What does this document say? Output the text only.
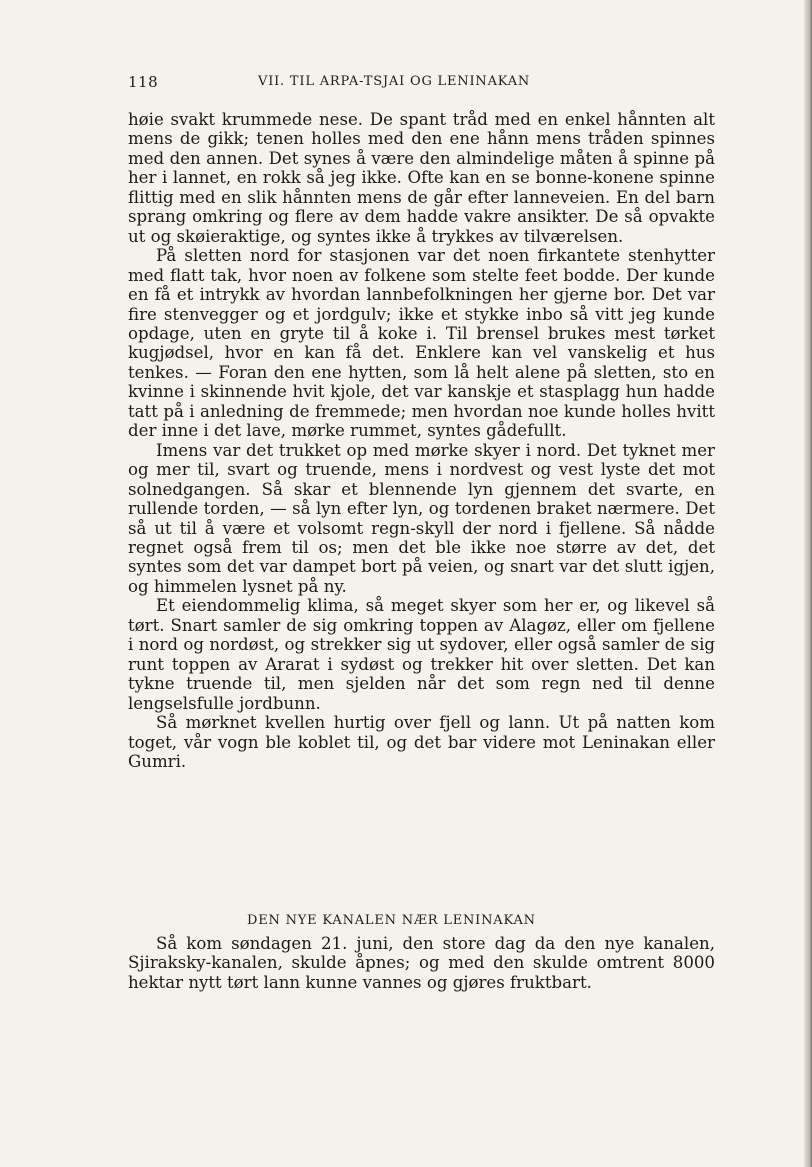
118	VII. TIL ARPA-TSJAI OG LENINAKAN

høie svakt krummede nese. De spant tråd med en enkel hånnten alt mens de gikk; tenen holles med den ene hånn mens tråden spinnes med den annen. Det synes å være den almindelige måten å spinne på her i lannet, en rokk så jeg ikke. Ofte kan en se bonne-konene spinne flittig med en slik hånnten mens de går efter lanneveien. En del barn sprang omkring og flere av dem hadde vakre ansikter. De så opvakte ut og skøieraktige, og syntes ikke å trykkes av tilværelsen.

På sletten nord for stasjonen var det noen firkantete stenhytter med flatt tak, hvor noen av folkene som stelte feet bodde. Der kunde en få et intrykk av hvordan lannbefolkningen her gjerne bor. Det var fire stenvegger og et jordgulv; ikke et stykke inbo så vitt jeg kunde opdage, uten en gryte til å koke i. Til brensel brukes mest tørket kugjødsel, hvor en kan få det. Enklere kan vel vanskelig et hus tenkes. — Foran den ene hytten, som lå helt alene på sletten, sto en kvinne i skinnende hvit kjole, det var kanskje et stasplagg hun hadde tatt på i anledning de fremmede; men hvordan noe kunde holles hvitt der inne i det lave, mørke rummet, syntes gådefullt.

Imens var det trukket op med mørke skyer i nord. Det tyknet mer og mer til, svart og truende, mens i nordvest og vest lyste det mot solnedgangen. Så skar et blennende lyn gjennem det svarte, en rullende torden, — så lyn efter lyn, og tordenen braket nærmere. Det så ut til å være et volsomt regn-skyll der nord i fjellene. Så nådde regnet også frem til os; men det ble ikke noe større av det, det syntes som det var dampet bort på veien, og snart var det slutt igjen, og himmelen lysnet på ny.

Et eiendommelig klima, så meget skyer som her er, og likevel så tørt. Snart samler de sig omkring toppen av Alagøz, eller om fjellene i nord og nordøst, og strekker sig ut sydover, eller også samler de sig runt toppen av Ararat i sydøst og trekker hit over sletten. Det kan tykne truende til, men sjelden når det som regn ned til denne lengselsfulle jordbunn.

Så mørknet kvellen hurtig over fjell og lann. Ut på natten kom toget, vår vogn ble koblet til, og det bar videre mot Leninakan eller Gumri.

DEN NYE KANALEN NÆR LENINAKAN

Så kom søndagen 21. juni, den store dag da den nye kanalen, Sjiraksky-kanalen, skulde åpnes; og med den skulde omtrent 8000 hektar nytt tørt lann kunne vannes og gjøres fruktbart.
